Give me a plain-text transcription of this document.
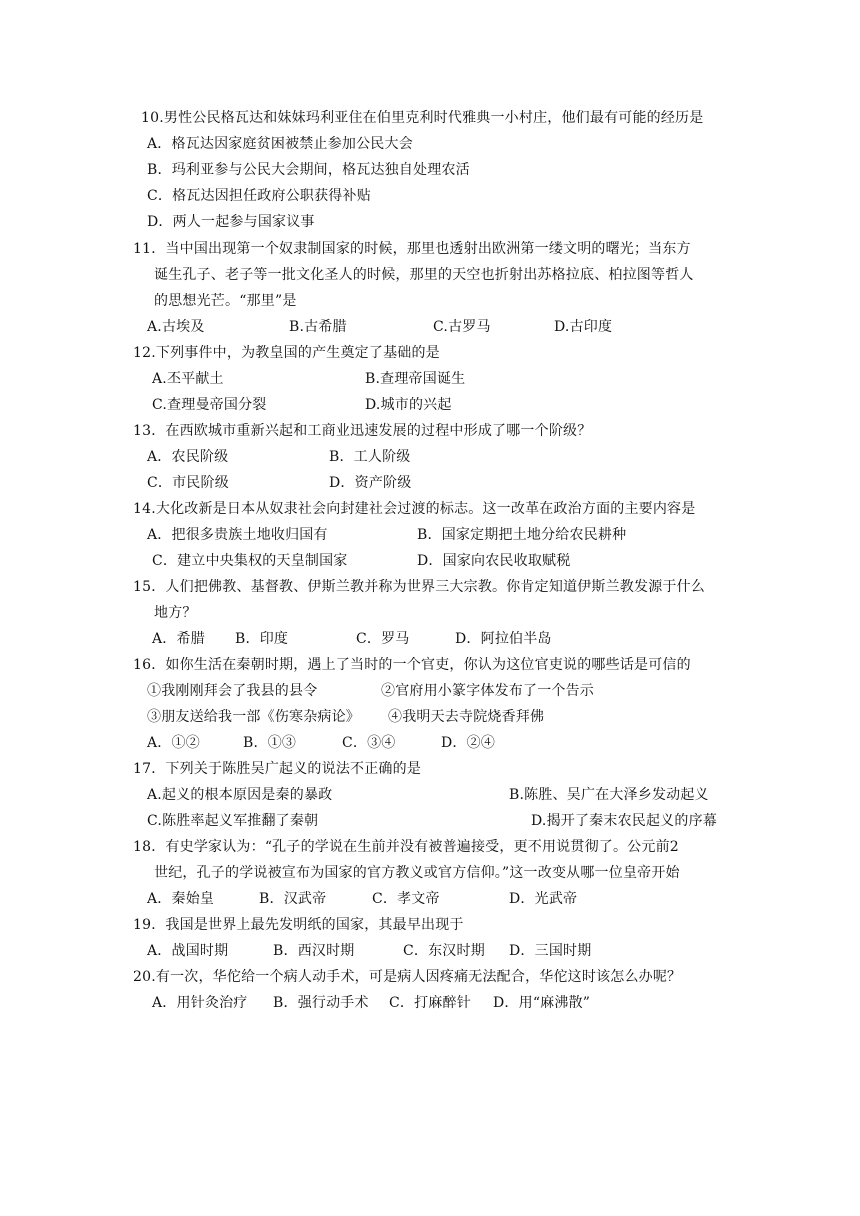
10.男性公民格瓦达和妹妹玛利亚住在伯里克利时代雅典一小村庄，他们最有可能的经历是
A．格瓦达因家庭贫困被禁止参加公民大会
B．玛利亚参与公民大会期间，格瓦达独自处理农活
C．格瓦达因担任政府公职获得补贴
D．两人一起参与国家议事
11．当中国出现第一个奴隶制国家的时候，那里也透射出欧洲第一缕文明的曙光；当东方
诞生孔子、老子等一批文化圣人的时候，那里的天空也折射出苏格拉底、柏拉图等哲人
的思想光芒。“那里”是
A.古埃及	B.古希腊	C.古罗马	D.古印度
12.下列事件中，为教皇国的产生奠定了基础的是
A.丕平献土	B.查理帝国诞生
C.查理曼帝国分裂	D.城市的兴起
13．在西欧城市重新兴起和工商业迅速发展的过程中形成了哪一个阶级？
A．农民阶级	B．工人阶级
C．市民阶级	D．资产阶级
14.大化改新是日本从奴隶社会向封建社会过渡的标志。这一改革在政治方面的主要内容是
A．把很多贵族土地收归国有	B．国家定期把土地分给农民耕种
C．建立中央集权的天皇制国家	D．国家向农民收取赋税
15．人们把佛教、基督教、伊斯兰教并称为世界三大宗教。你肯定知道伊斯兰教发源于什么
地方？
A．希腊 B．印度	C．罗马	D．阿拉伯半岛
16．如你生活在秦朝时期，遇上了当时的一个官吏，你认为这位官吏说的哪些话是可信的
①我刚刚拜会了我县的县令	②官府用小篆字体发布了一个告示
③朋友送给我一部《伤寒杂病论》 ④我明天去寺院烧香拜佛
A．①②	B．①③	C．③④	D．②④
17．下列关于陈胜吴广起义的说法不正确的是
A.起义的根本原因是秦的暴政	B.陈胜、吴广在大泽乡发动起义
C.陈胜率起义军推翻了秦朝	D.揭开了秦末农民起义的序幕
18．有史学家认为：“孔子的学说在生前并没有被普遍接受，更不用说贯彻了。公元前2
世纪，孔子的学说被宣布为国家的官方教义或官方信仰。”这一改变从哪一位皇帝开始
A．秦始皇	B．汉武帝	C．孝文帝	D．光武帝
19．我国是世界上最先发明纸的国家，其最早出现于
A．战国时期	B．西汉时期	C．东汉时期 D．三国时期
20.有一次，华佗给一个病人动手术，可是病人因疼痛无法配合，华佗这时该怎么办呢？
A．用针灸治疗 B．强行动手术 C．打麻醉针 D．用“麻沸散”
